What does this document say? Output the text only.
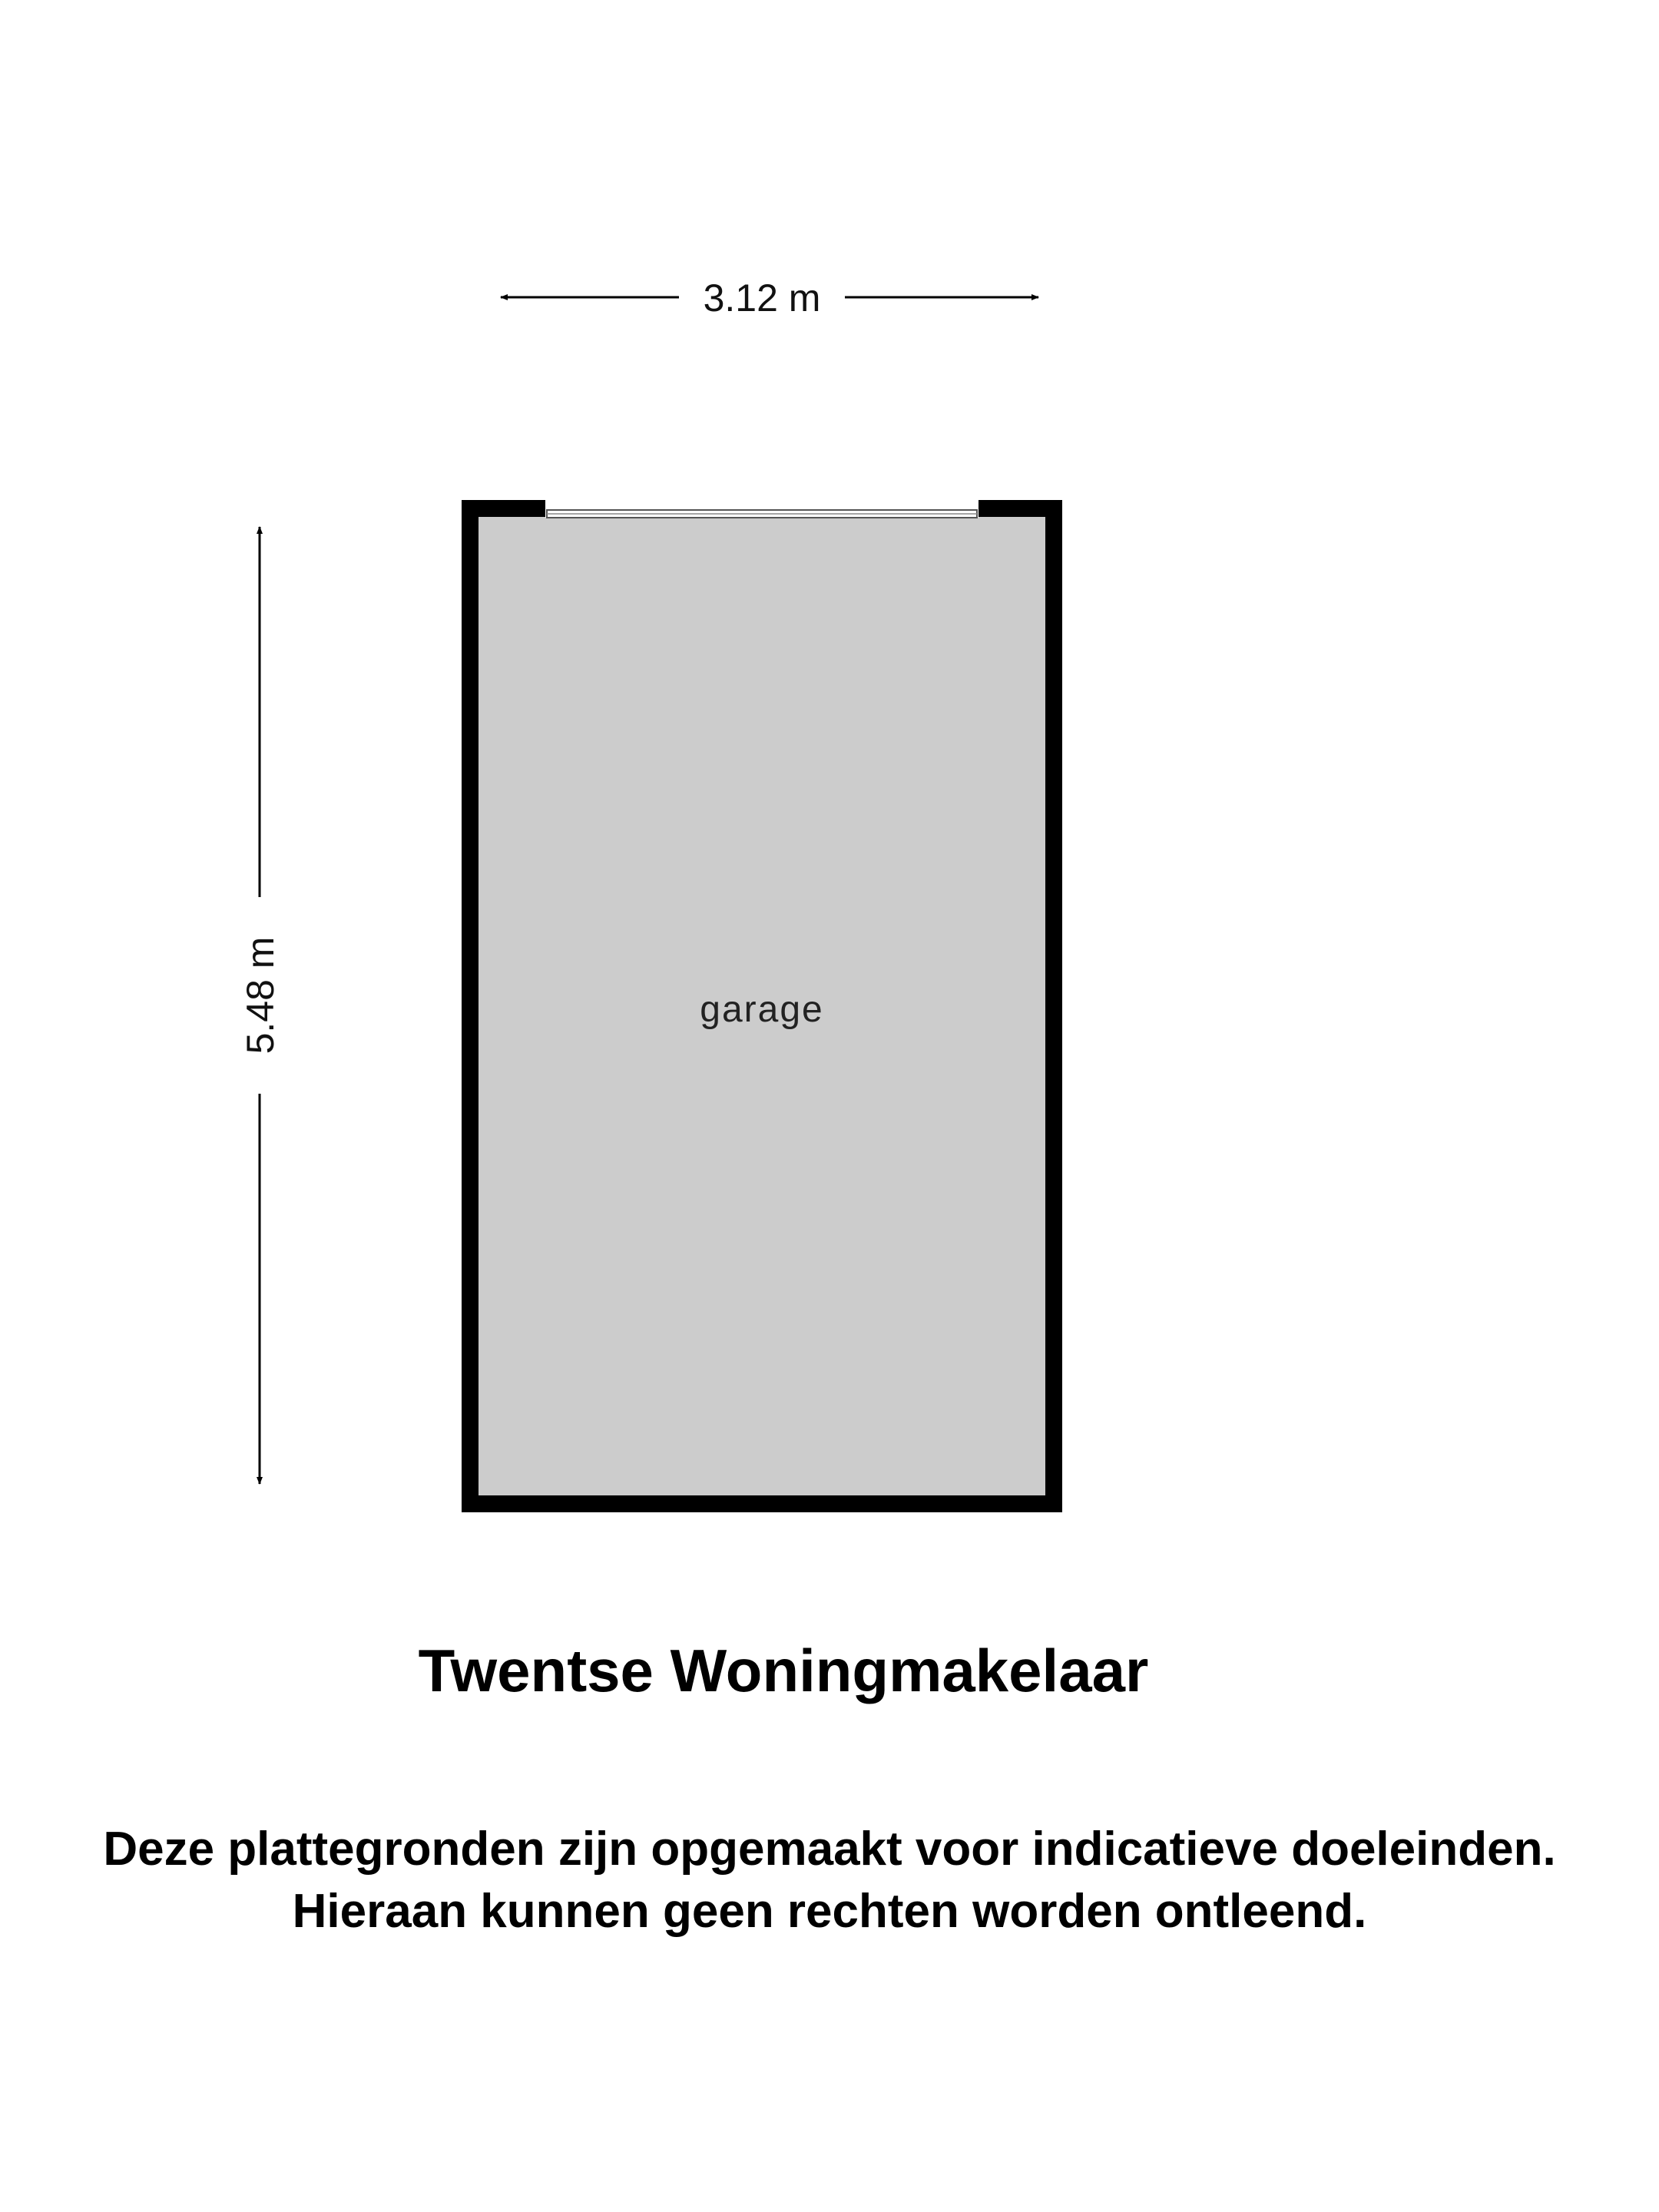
3.12 m
5.48 m	garage

Twentse Woningmakelaar

Deze plattegronden zijn opgemaakt voor indicatieve doeleinden.

Hieraan kunnen geen rechten worden ontleend.
